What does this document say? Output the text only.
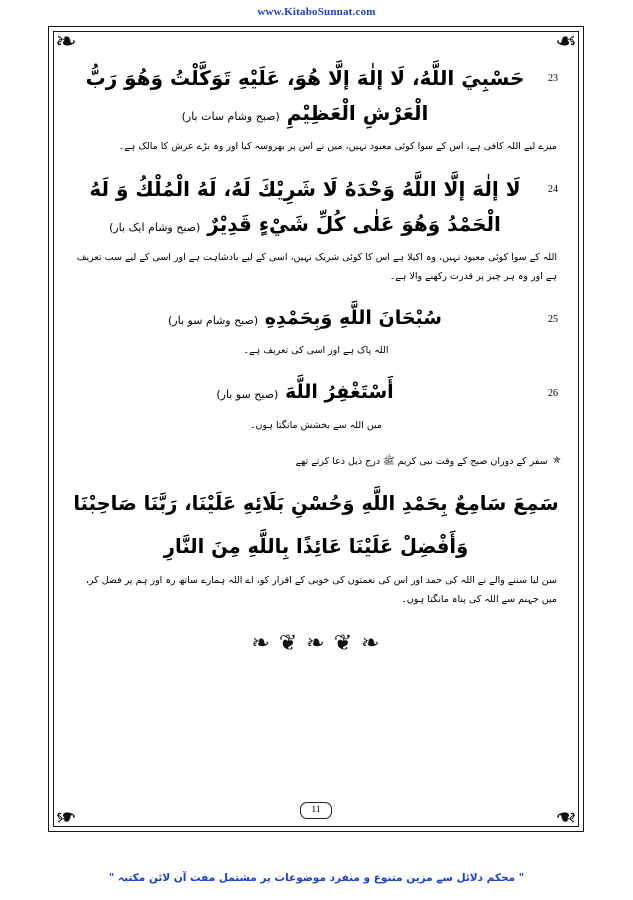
www.KitaboSunnat.com
❧	❧
❧	❧
23
حَسْبِيَ اللَّهُ، لَا إلٰهَ إلَّا هُوَ، عَلَيْهِ تَوَكَّلْتُ وَهُوَ رَبُّ الْعَرْشِ الْعَظِيْمِ (صبح وشام سات بار)
میرے لیے اللہ کافی ہے، اس کے سوا کوئی معبود نہیں، میں نے اس پر بھروسہ کیا اور وہ بڑے عرش کا مالک ہے۔
24
لَا إلٰهَ إلَّا اللَّهُ وَحْدَهُ لَا شَرِيْكَ لَهُ، لَهُ الْمُلْكُ وَ لَهُ الْحَمْدُ وَهُوَ عَلٰى كُلِّ شَيْءٍ قَدِيْرٌ (صبح وشام ایک بار)
اللہ کے سوا کوئی معبود نہیں، وہ اکیلا ہے اس کا کوئی شریک نہیں، اسی کے لیے بادشاہت ہے اور اسی کے لیے سب تعریف ہے اور وہ ہر چیز پر قدرت رکھنے والا ہے۔
25
سُبْحَانَ اللَّهِ وَبِحَمْدِهِ (صبح وشام سو بار)
اللہ پاک ہے اور اسی کی تعریف ہے۔
26
أَسْتَغْفِرُ اللَّهَ (صبح سو بار)
میں اللہ سے بخشش مانگتا ہوں۔
✯
سفر کے دوران صبح کے وقت نبی کریم ﷺ درج ذیل دعا کرتے تھے
سَمِعَ سَامِعٌ بِحَمْدِ اللَّهِ وَحُسْنِ بَلَائِهِ عَلَيْنَا، رَبَّنَا صَاحِبْنَا
وَأَفْضِلْ عَلَيْنَا عَائِذًا بِاللَّهِ مِنَ النَّارِ
سن لیا سننے والے نے اللہ کی حمد اور اس کی نعمتوں کی خوبی کے اقرار کو، اے اللہ ہمارے ساتھ رہ اور ہم پر فضل کر، میں جہنم سے اللہ کی پناہ مانگتا ہوں۔
❧ ❦ ❧ ❦ ❧
11
" محکم دلائل سے مزین متنوع و منفرد موضوعات پر مشتمل مفت آن لائن مکتبہ "
